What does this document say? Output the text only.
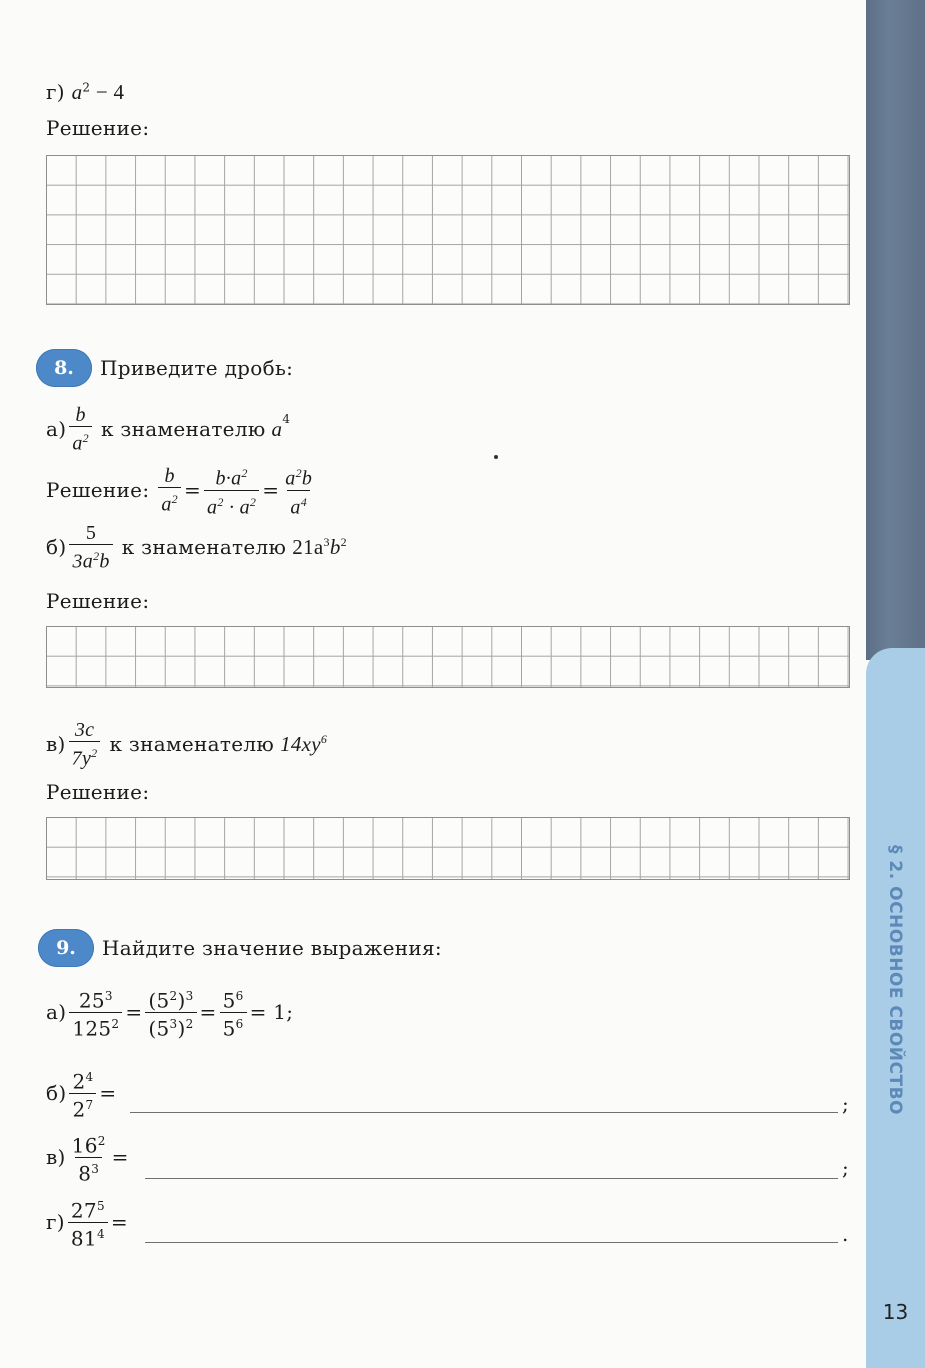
§ 2. ОСНОВНОЕ СВОЙСТВО
13
г) $a^2 - 4$
Решение:
8.	Приведите дробь:
$а) \frac{b}{a^2}$ к знаменателю $a^4$
Решение: $\frac{b}{a^2} = \frac{b\cdot a^2}{a^2 \cdot a^2} = \frac{a^2b}{a^4}$
$б) \frac{5}{3a^2b}$ к знаменателю $21a^3b^2$
Решение:
$в) \frac{3c}{7y^2}$ к знаменателю $14xy^6$
Решение:
9.	Найдите значение выражения:
$а) \frac{25^3}{125^2} = \frac{(5^2)^3}{(5^3)^2} = \frac{5^6}{5^6} = 1$;
$б) \frac{2^4}{2^7}$ =	;
$в) \frac{16^2}{8^3}$ =	;
$г) \frac{27^5}{81^4}$ =	.
